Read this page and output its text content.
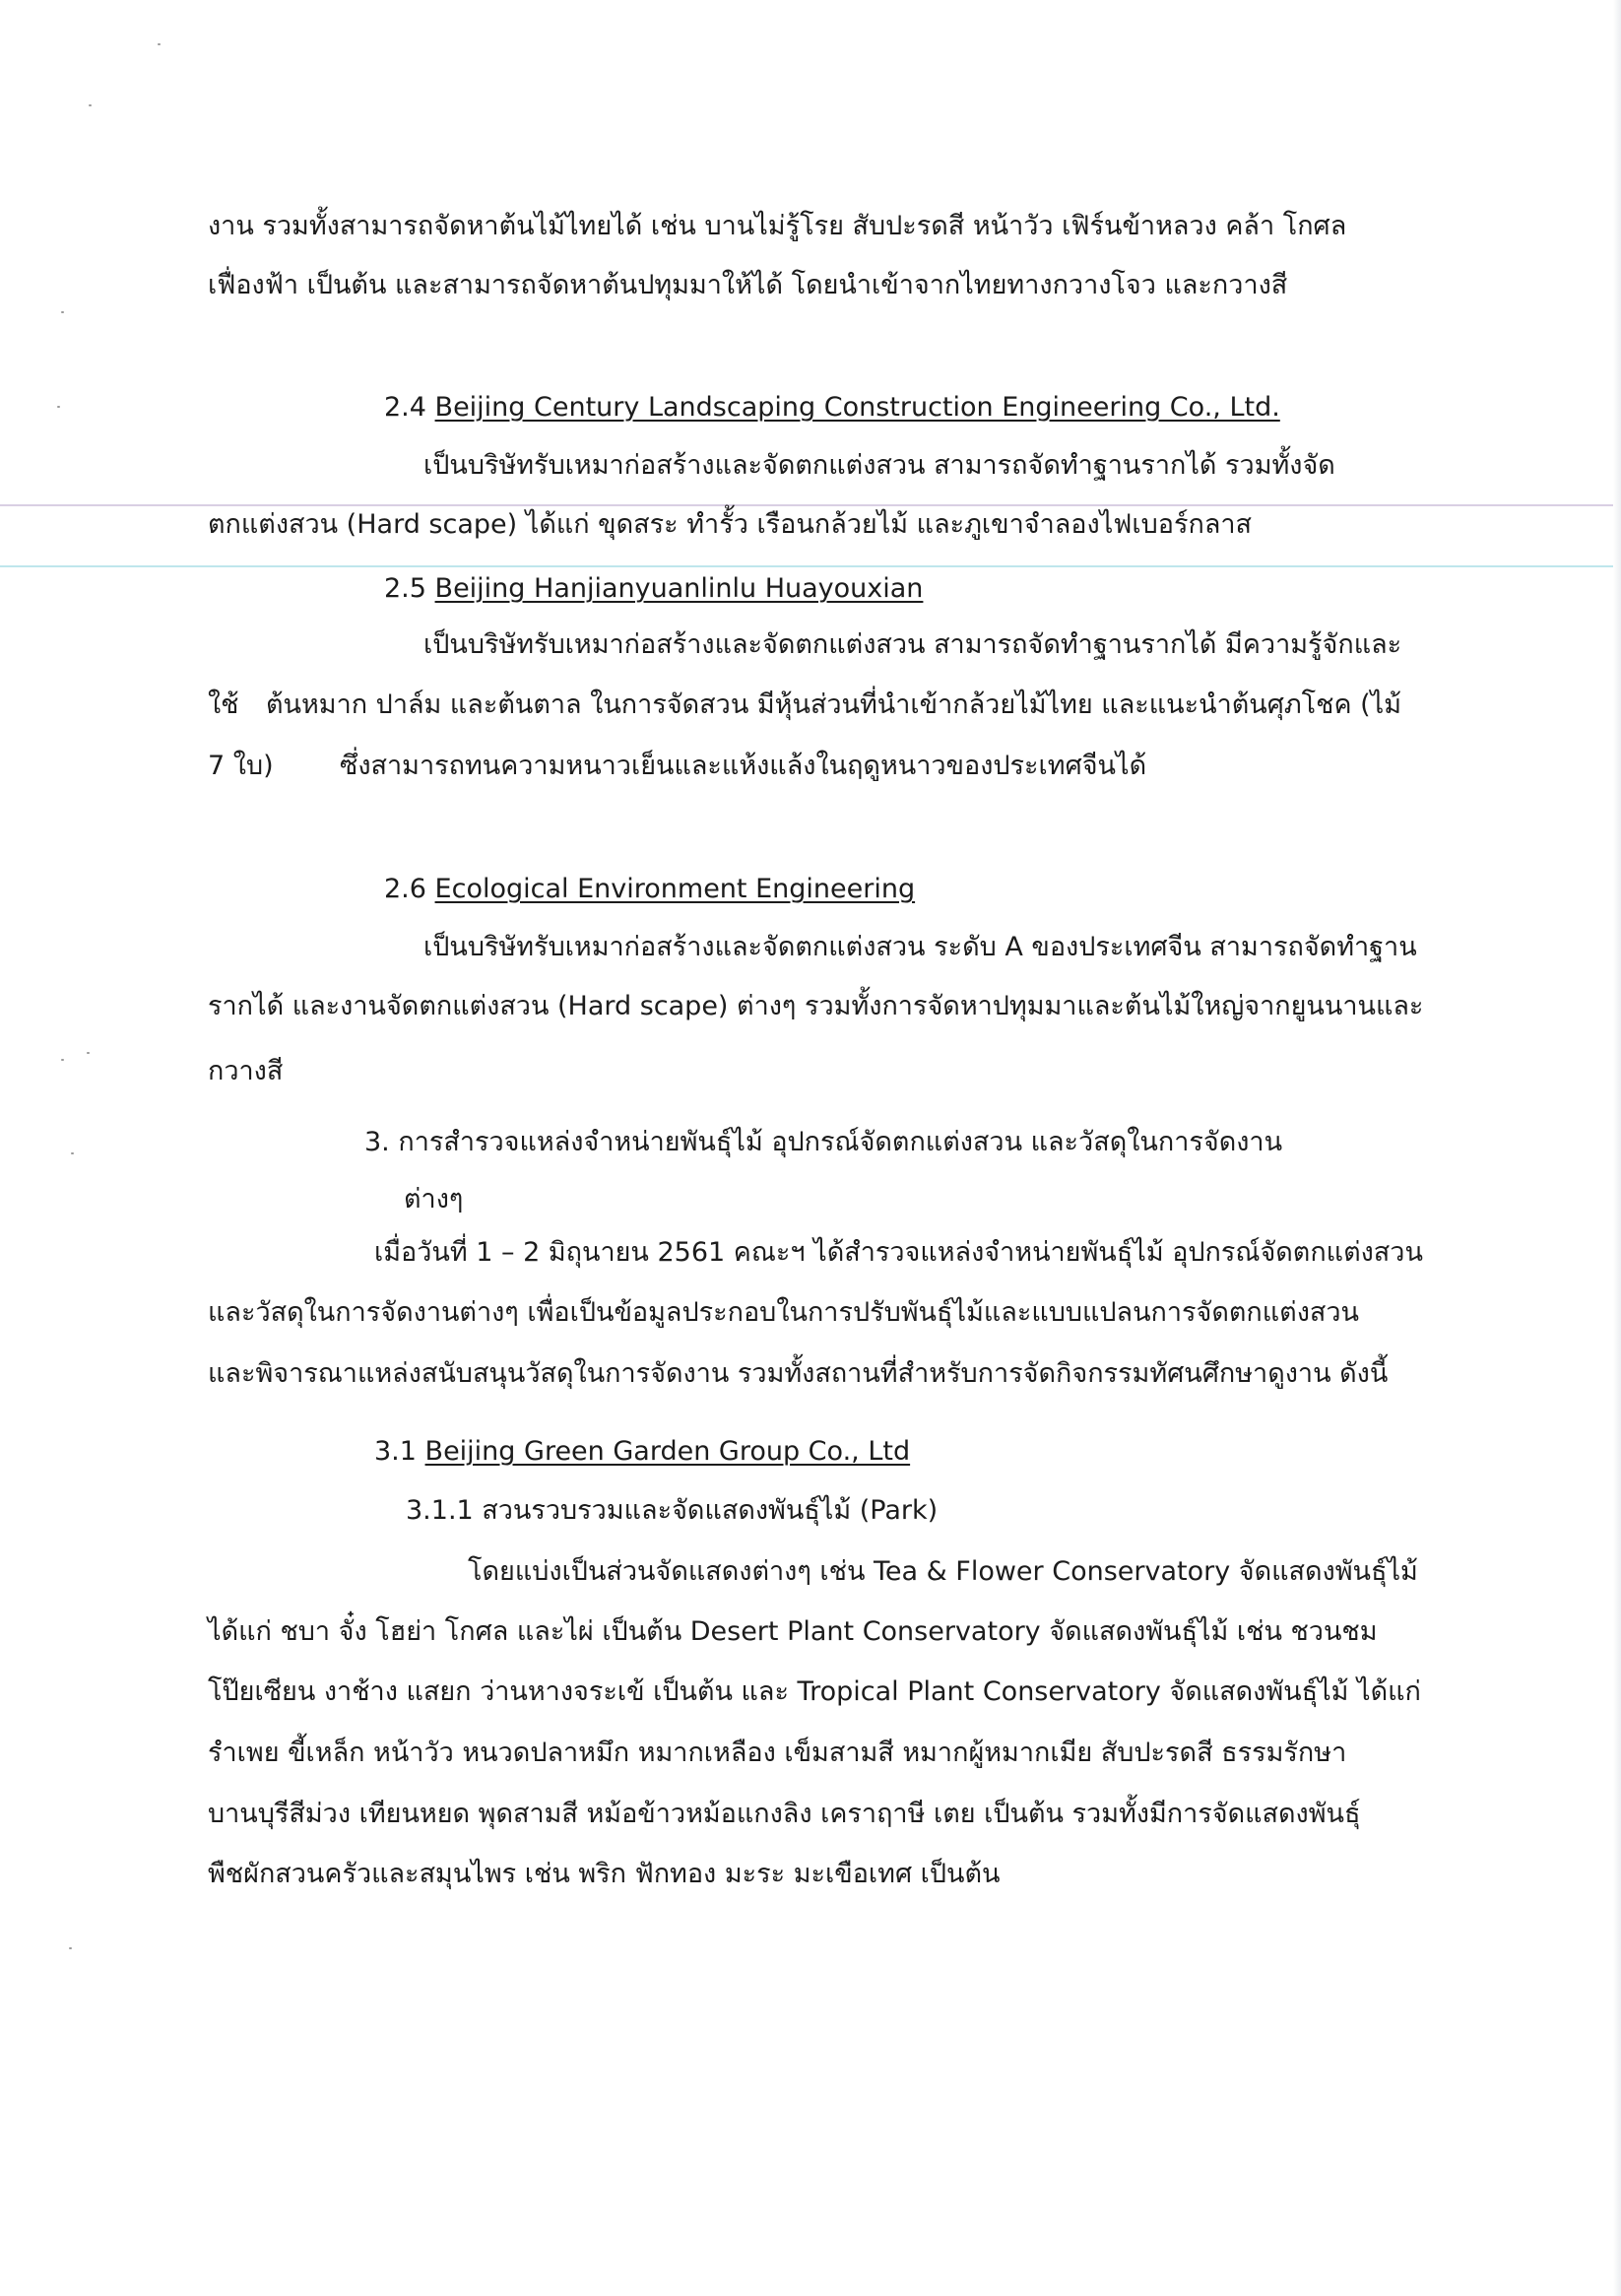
งาน รวมทั้งสามารถจัดหาต้นไม้ไทยได้ เช่น บานไม่รู้โรย สับปะรดสี หน้าวัว เฟิร์นข้าหลวง คล้า โกศล
เฟื่องฟ้า เป็นต้น และสามารถจัดหาต้นปทุมมาให้ได้ โดยนำเข้าจากไทยทางกวางโจว และกวางสี
2.4 Beijing Century Landscaping Construction Engineering Co., Ltd.
เป็นบริษัทรับเหมาก่อสร้างและจัดตกแต่งสวน สามารถจัดทำฐานรากได้ รวมทั้งจัด
ตกแต่งสวน (Hard scape) ได้แก่ ขุดสระ ทำรั้ว เรือนกล้วยไม้ และภูเขาจำลองไฟเบอร์กลาส
2.5 Beijing Hanjianyuanlinlu Huayouxian
เป็นบริษัทรับเหมาก่อสร้างและจัดตกแต่งสวน สามารถจัดทำฐานรากได้ มีความรู้จักและ
ใช้ ต้นหมาก ปาล์ม และต้นตาล ในการจัดสวน มีหุ้นส่วนที่นำเข้ากล้วยไม้ไทย และแนะนำต้นศุภโชค (ไม้
7 ใบ) ซึ่งสามารถทนความหนาวเย็นและแห้งแล้งในฤดูหนาวของประเทศจีนได้
2.6 Ecological Environment Engineering
เป็นบริษัทรับเหมาก่อสร้างและจัดตกแต่งสวน ระดับ A ของประเทศจีน สามารถจัดทำฐาน
รากได้ และงานจัดตกแต่งสวน (Hard scape) ต่างๆ รวมทั้งการจัดหาปทุมมาและต้นไม้ใหญ่จากยูนนานและ
กวางสี
3. การสำรวจแหล่งจำหน่ายพันธุ์ไม้ อุปกรณ์จัดตกแต่งสวน และวัสดุในการจัดงาน
ต่างๆ
เมื่อวันที่ 1 – 2 มิถุนายน 2561 คณะฯ ได้สำรวจแหล่งจำหน่ายพันธุ์ไม้ อุปกรณ์จัดตกแต่งสวน
และวัสดุในการจัดงานต่างๆ เพื่อเป็นข้อมูลประกอบในการปรับพันธุ์ไม้และแบบแปลนการจัดตกแต่งสวน
และพิจารณาแหล่งสนับสนุนวัสดุในการจัดงาน รวมทั้งสถานที่สำหรับการจัดกิจกรรมทัศนศึกษาดูงาน ดังนี้
3.1 Beijing Green Garden Group Co., Ltd
3.1.1 สวนรวบรวมและจัดแสดงพันธุ์ไม้ (Park)
โดยแบ่งเป็นส่วนจัดแสดงต่างๆ เช่น Tea & Flower Conservatory จัดแสดงพันธุ์ไม้
ได้แก่ ชบา จั๋ง โฮย่า โกศล และไผ่ เป็นต้น Desert Plant Conservatory จัดแสดงพันธุ์ไม้ เช่น ชวนชม
โป๊ยเซียน งาช้าง แสยก ว่านหางจระเข้ เป็นต้น และ Tropical Plant Conservatory จัดแสดงพันธุ์ไม้ ได้แก่
รำเพย ขี้เหล็ก หน้าวัว หนวดปลาหมึก หมากเหลือง เข็มสามสี หมากผู้หมากเมีย สับปะรดสี ธรรมรักษา
บานบุรีสีม่วง เทียนหยด พุดสามสี หม้อข้าวหม้อแกงลิง เคราฤาษี เตย เป็นต้น รวมทั้งมีการจัดแสดงพันธุ์
พืชผักสวนครัวและสมุนไพร เช่น พริก ฟักทอง มะระ มะเขือเทศ เป็นต้น
